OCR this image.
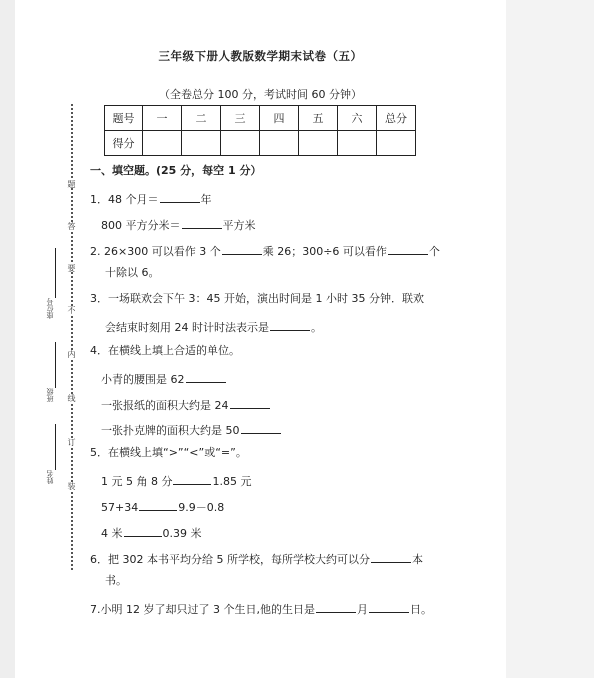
三年级下册人教版数学期末试卷（五）
（全卷总分 100 分，考试时间 60 分钟）
题号	一	二	三	四	五	六	总分
得分							
题
答
要
不
内
线
订
装
座位号
班级
姓名
一、填空题。(25 分，每空 1 分）
1．48 个月＝	年
800 平方分米＝	平方米
2. 26×300 可以看作 3 个	乘 26；300÷6 可以看作	个
十除以 6。
3．一场联欢会下午 3：45 开始，演出时间是 1 小时 35 分钟．联欢
会结束时刻用 24 时计时法表示是	。
4．在横线上填上合适的单位。
小青的腰围是 62
一张报纸的面积大约是 24
一张扑克牌的面积大约是 50
5．在横线上填“>”“<”或“=”。
1 元 5 角 8 分	1.85 元
57+34	9.9－0.8
4 米	0.39 米
6．把 302 本书平均分给 5 所学校，每所学校大约可以分	本
书。
7.小明 12 岁了却只过了 3 个生日,他的生日是	月	日。
